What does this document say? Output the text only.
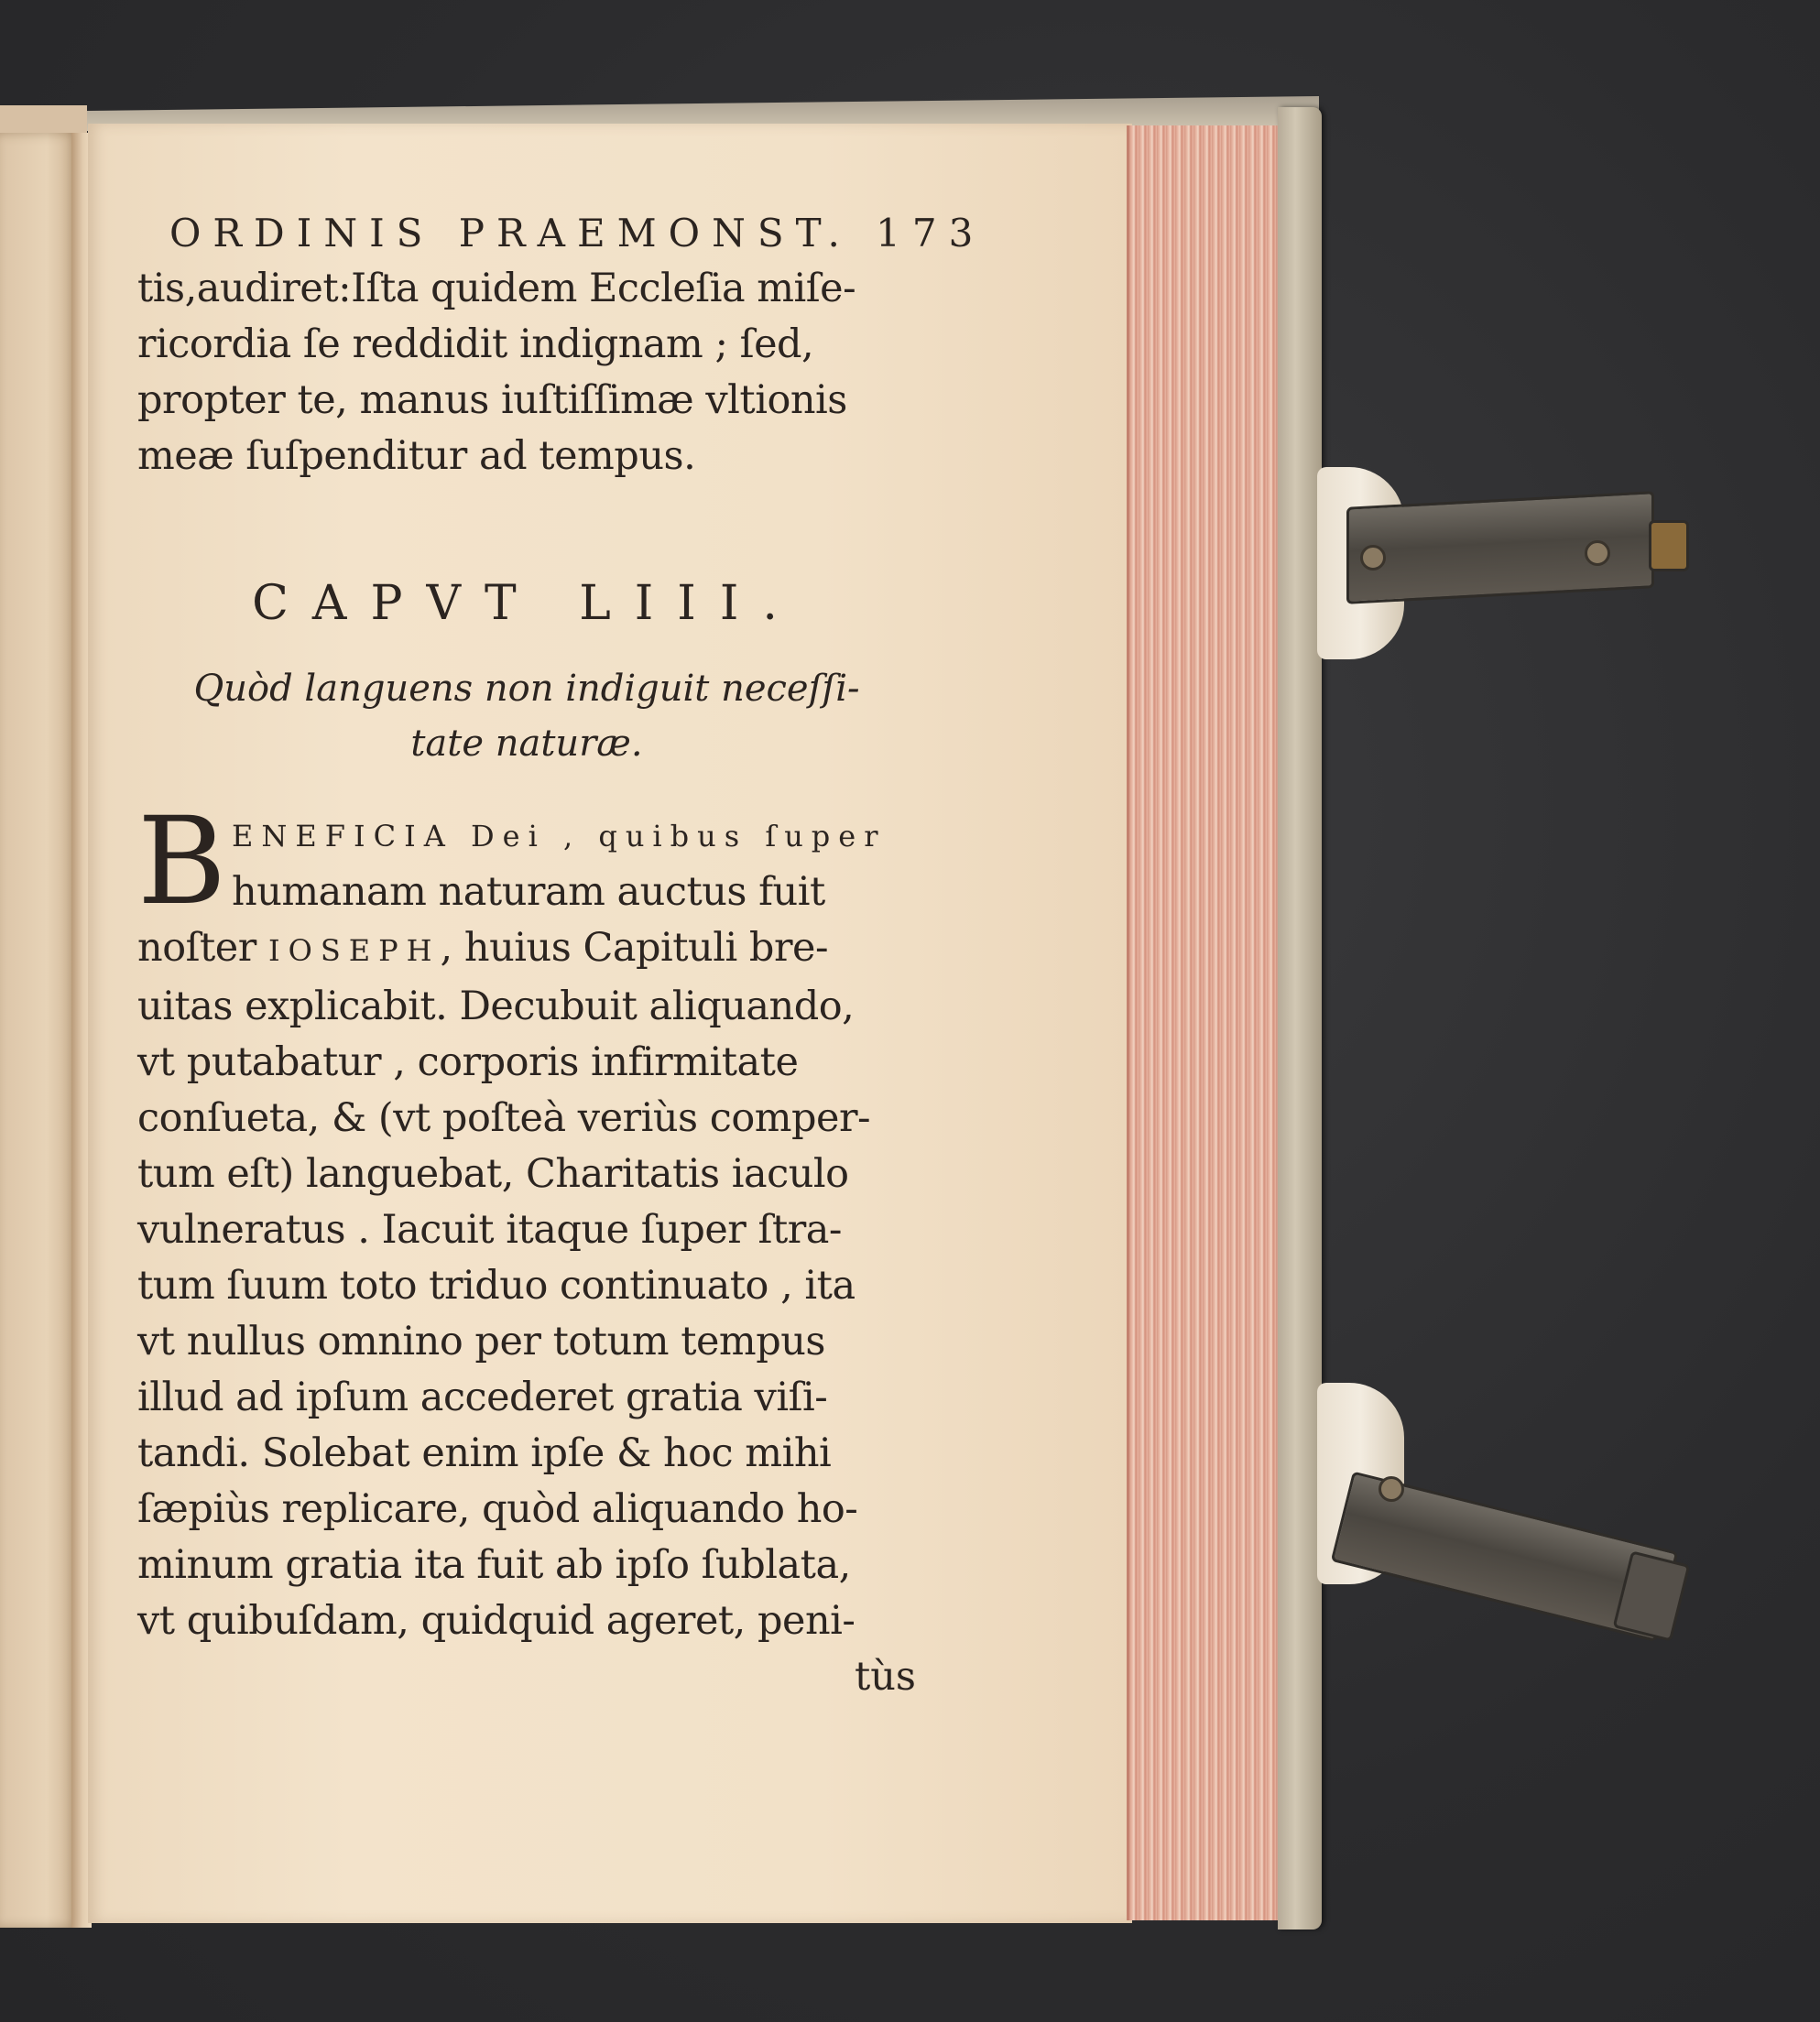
ORDINIS PRAEMONST. 173
tis,audiret:Iſta quidem Eccleſia miſe-
ricordia ſe reddidit indignam ; ſed,
propter te, manus iuſtiſſimæ vltionis
meæ ſuſpenditur ad tempus.
CAPVT LIII.
Quòd languens non indiguit neceſſi-
tate naturæ.
B ENEFICIA Dei , quibus ſuper
humanam naturam auctus fuit
noſter IOSEPH, huius Capituli bre-
uitas explicabit. Decubuit aliquando,
vt putabatur , corporis infirmitate
conſueta, & (vt poſteà veriùs comper-
tum eſt) languebat, Charitatis iaculo
vulneratus . Iacuit itaque ſuper ſtra-
tum ſuum toto triduo continuato , ita
vt nullus omnino per totum tempus
illud ad ipſum accederet gratia viſi-
tandi. Solebat enim ipſe & hoc mihi
ſæpiùs replicare, quòd aliquando ho-
minum gratia ita fuit ab ipſo ſublata,
vt quibuſdam, quidquid ageret, peni-
tùs
